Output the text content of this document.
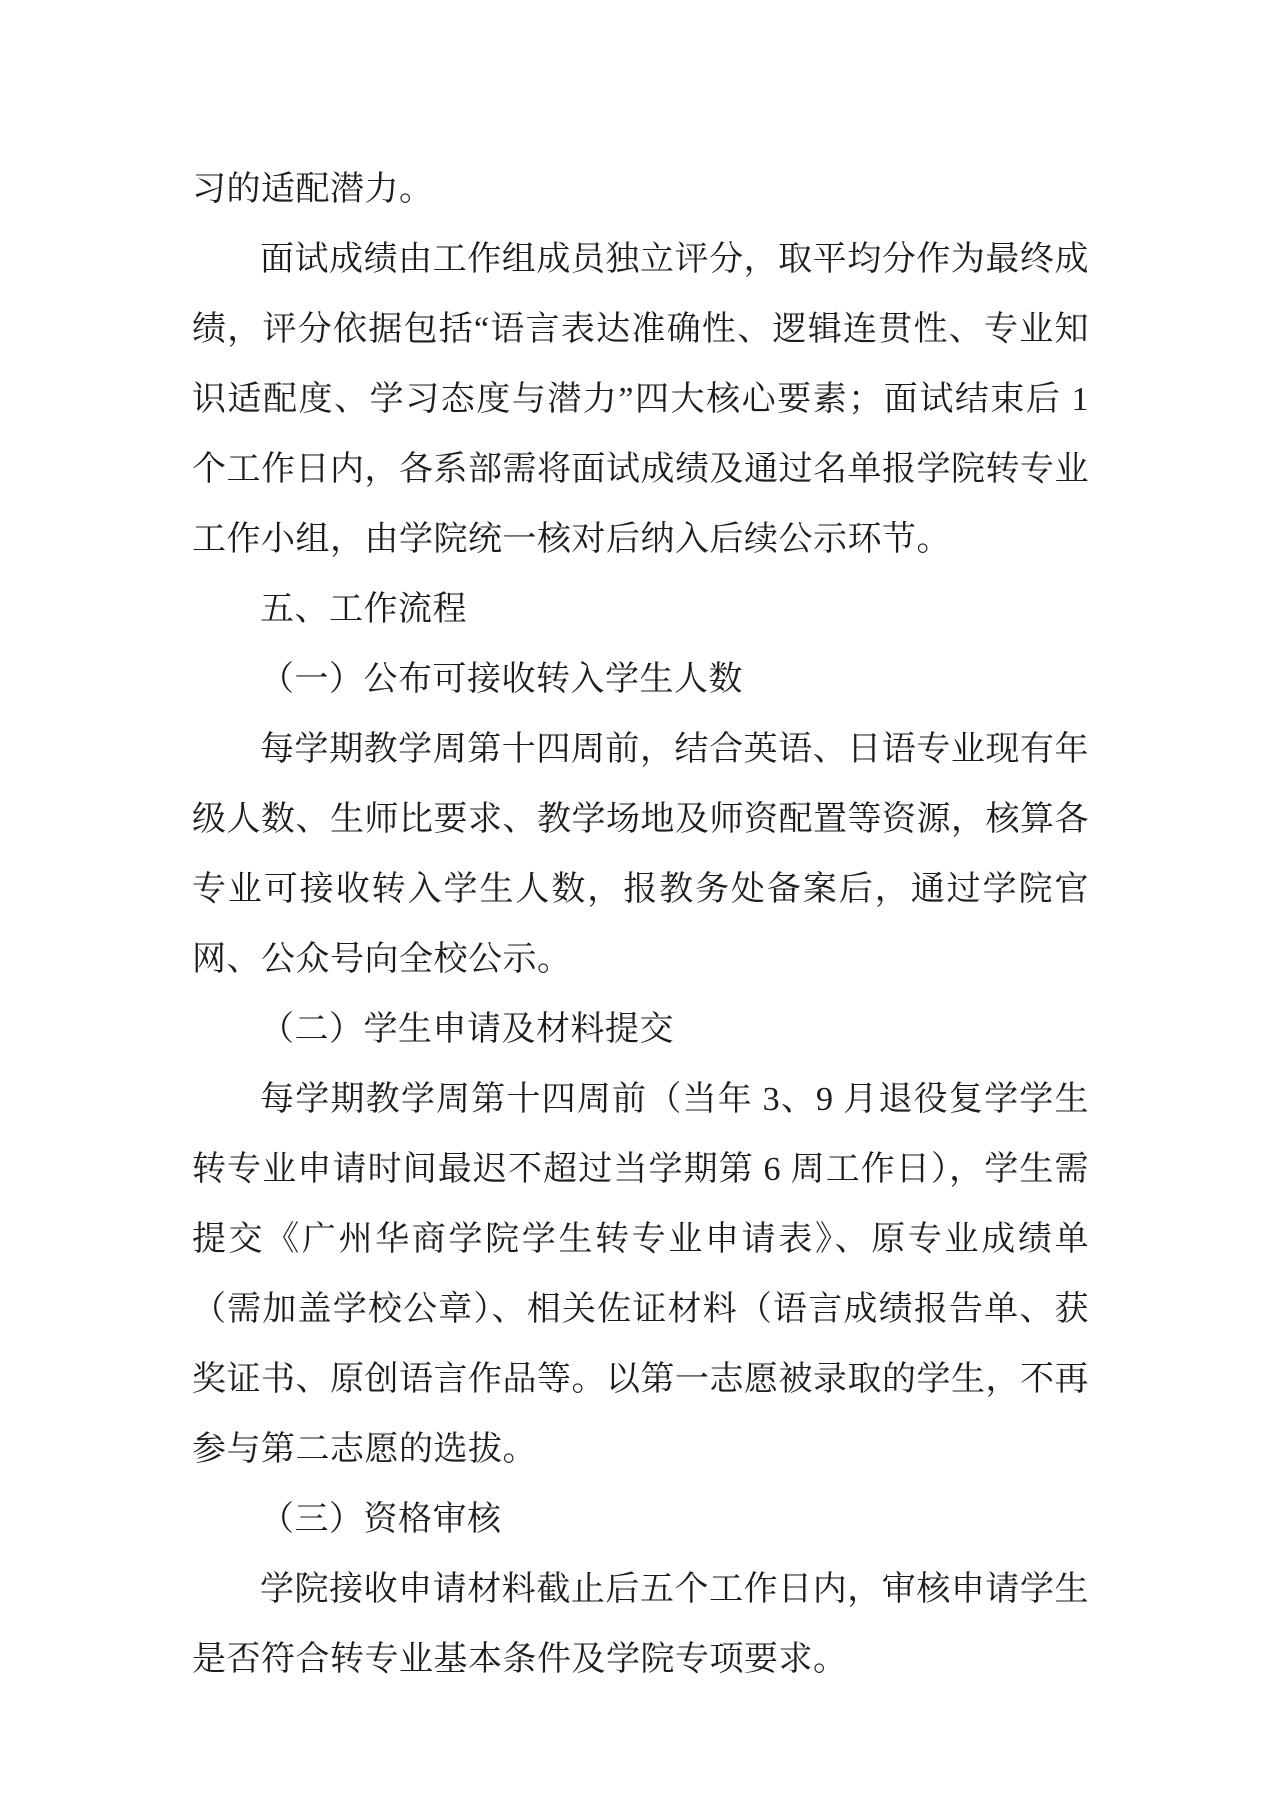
习的适配潜力。

面试成绩由工作组成员独立评分，取平均分作为最终成绩，评分依据包括“语言表达准确性、逻辑连贯性、专业知识适配度、学习态度与潜力”四大核心要素；面试结束后 1 个工作日内，各系部需将面试成绩及通过名单报学院转专业工作小组，由学院统一核对后纳入后续公示环节。

五、工作流程

（一）公布可接收转入学生人数

每学期教学周第十四周前，结合英语、日语专业现有年级人数、生师比要求、教学场地及师资配置等资源，核算各专业可接收转入学生人数，报教务处备案后，通过学院官网、公众号向全校公示。

（二）学生申请及材料提交

每学期教学周第十四周前（当年 3、9 月退役复学学生转专业申请时间最迟不超过当学期第 6 周工作日），学生需提交《广州华商学院学生转专业申请表》、原专业成绩单（需加盖学校公章）、相关佐证材料（语言成绩报告单、获奖证书、原创语言作品等。以第一志愿被录取的学生，不再参与第二志愿的选拔。

（三）资格审核

学院接收申请材料截止后五个工作日内，审核申请学生是否符合转专业基本条件及学院专项要求。
